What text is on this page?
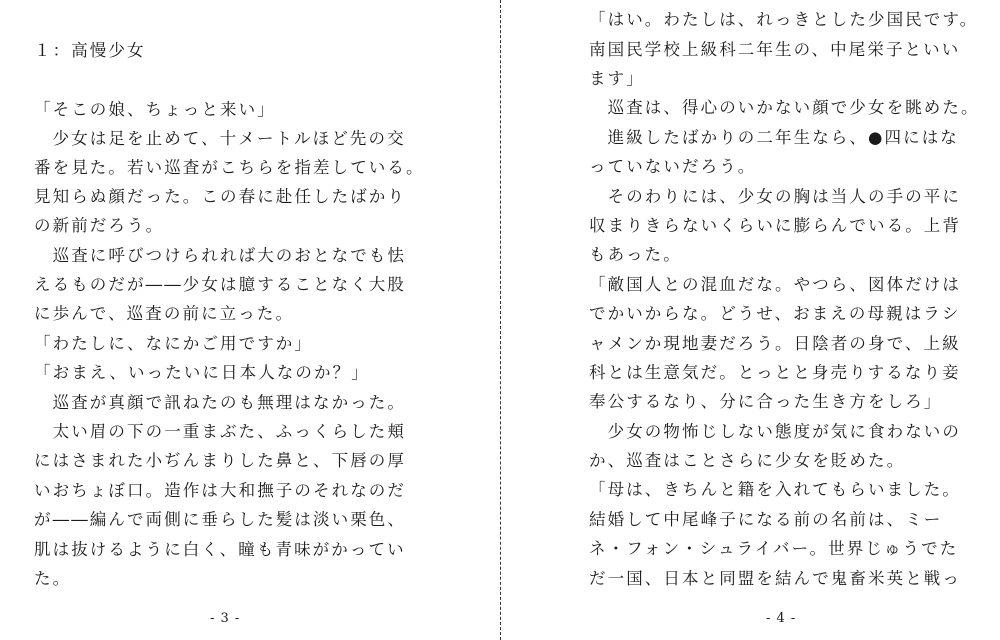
１：高慢少女
「そこの娘、ちょっと来い」
　少女は足を止めて、十メートルほど先の交
番を見た。若い巡査がこちらを指差している。
見知らぬ顔だった。この春に赴任したばかり
の新前だろう。
　巡査に呼びつけられれば大のおとなでも怯
えるものだが――少女は臆することなく大股
に歩んで、巡査の前に立った。
「わたしに、なにかご用ですか」
「おまえ、いったいに日本人なのか？」
　巡査が真顔で訊ねたのも無理はなかった。
　太い眉の下の一重まぶた、ふっくらした頬
にはさまれた小ぢんまりした鼻と、下唇の厚
いおちょぼ口。造作は大和撫子のそれなのだ
が――編んで両側に垂らした髪は淡い栗色、
肌は抜けるように白く、瞳も青味がかってい
た。
- 3 -
「はい。わたしは、れっきとした少国民です。
南国民学校上級科二年生の、中尾栄子といい
ます」
　巡査は、得心のいかない顔で少女を眺めた。
　進級したばかりの二年生なら、●四にはな
っていないだろう。
　そのわりには、少女の胸は当人の手の平に
収まりきらないくらいに膨らんでいる。上背
もあった。
「敵国人との混血だな。やつら、図体だけは
でかいからな。どうせ、おまえの母親はラシ
ャメンか現地妻だろう。日陰者の身で、上級
科とは生意気だ。とっとと身売りするなり妾
奉公するなり、分に合った生き方をしろ」
　少女の物怖じしない態度が気に食わないの
か、巡査はことさらに少女を貶めた。
「母は、きちんと籍を入れてもらいました。
結婚して中尾峰子になる前の名前は、ミー
ネ・フォン・シュライバー。世界じゅうでた
だ一国、日本と同盟を結んで鬼畜米英と戦っ
- 4 -
